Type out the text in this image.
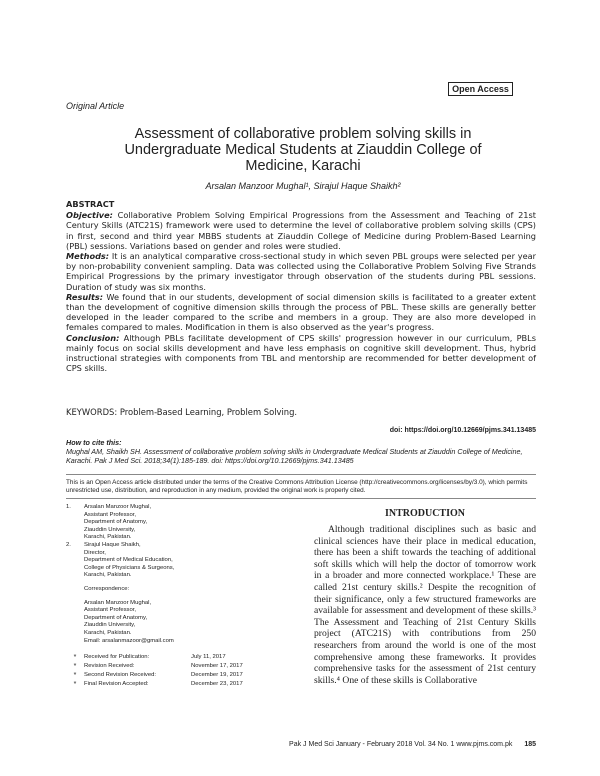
Open Access
Original Article
Assessment of collaborative problem solving skills in Undergraduate Medical Students at Ziauddin College of Medicine, Karachi
Arsalan Manzoor Mughal¹, Sirajul Haque Shaikh²
ABSTRACT

Objective: Collaborative Problem Solving Empirical Progressions from the Assessment and Teaching of 21st Century Skills (ATC21S) framework were used to determine the level of collaborative problem solving skills (CPS) in first, second and third year MBBS students at Ziauddin College of Medicine during Problem-Based Learning (PBL) sessions. Variations based on gender and roles were studied.

Methods: It is an analytical comparative cross-sectional study in which seven PBL groups were selected per year by non-probability convenient sampling. Data was collected using the Collaborative Problem Solving Five Strands Empirical Progressions by the primary investigator through observation of the students during PBL sessions. Duration of study was six months.

Results: We found that in our students, development of social dimension skills is facilitated to a greater extent than the development of cognitive dimension skills through the process of PBL. These skills are generally better developed in the leader compared to the scribe and members in a group. They are also more developed in females compared to males. Modification in them is also observed as the year's progress.

Conclusion: Although PBLs facilitate development of CPS skills' progression however in our curriculum, PBLs mainly focus on social skills development and have less emphasis on cognitive skill development. Thus, hybrid instructional strategies with components from TBL and mentorship are recommended for better development of CPS skills.

KEYWORDS: Problem-Based Learning, Problem Solving.
doi: https://doi.org/10.12669/pjms.341.13485
How to cite this:
Mughal AM, Shaikh SH. Assessment of collaborative problem solving skills in Undergraduate Medical Students at Ziauddin College of Medicine, Karachi. Pak J Med Sci. 2018;34(1):185-189. doi: https://doi.org/10.12669/pjms.341.13485
This is an Open Access article distributed under the terms of the Creative Commons Attribution License (http://creativecommons.org/licenses/by/3.0), which permits unrestricted use, distribution, and reproduction in any medium, provided the original work is properly cited.
1.	Arsalan Manzoor Mughal,
Assistant Professor,
Department of Anatomy,
Ziauddin University,
Karachi, Pakistan.
2.	Sirajul Haque Shaikh,
Director,
Department of Medical Education,
College of Physicians & Surgeons,
Karachi, Pakistan.
Correspondence:
Arsalan Manzoor Mughal,
Assistant Professor,
Department of Anatomy,
Ziauddin University,
Karachi, Pakistan.
Email: arsalanmazoor@gmail.com
*	Received for Publication:	July 11, 2017
*	Revision Received:	November 17, 2017
*	Second Revision Received:	December 19, 2017
*	Final Revision Accepted:	December 23, 2017
INTRODUCTION
Although traditional disciplines such as basic and clinical sciences have their place in medical education, there has been a shift towards the teaching of additional soft skills which will help the doctor of tomorrow work in a broader and more connected workplace.¹ These are called 21st century skills.² Despite the recognition of their significance, only a few structured frameworks are available for assessment and development of these skills.³ The Assessment and Teaching of 21st Century Skills project (ATC21S) with contributions from 250 researchers from around the world is one of the most comprehensive among these frameworks. It provides comprehensive tasks for the assessment of 21st century skills.⁴ One of these skills is Collaborative
Pak J Med Sci January - February 2018 Vol. 34 No. 1 www.pjms.com.pk 185
